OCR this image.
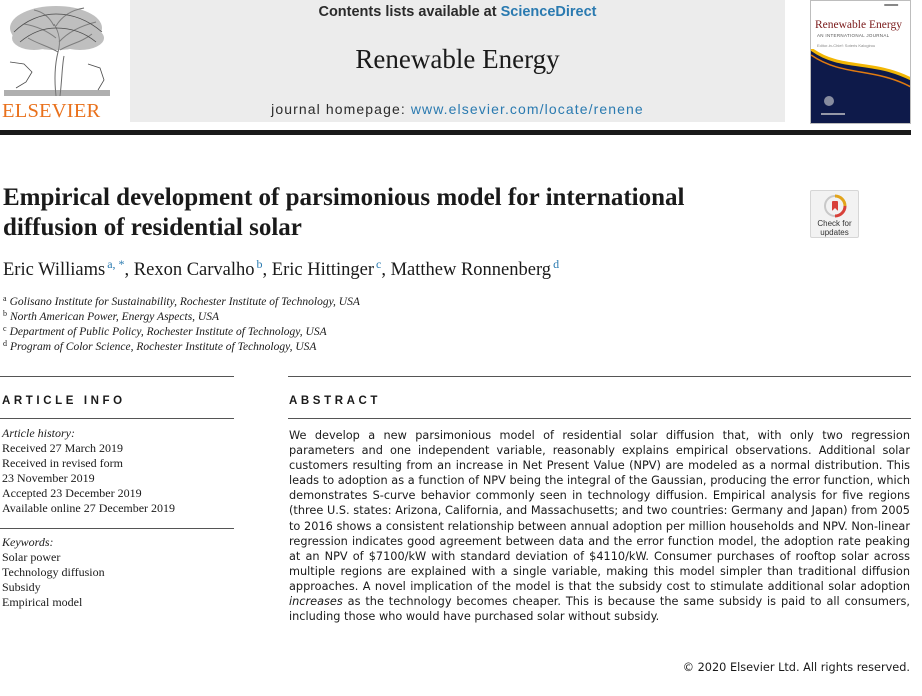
ELSEVIER
Contents lists available at ScienceDirect
Renewable Energy
journal homepage: www.elsevier.com/locate/renene
Renewable Energy
AN INTERNATIONAL JOURNAL
Editor-in-Chief: Soteris Kalogirou
Empirical development of parsimonious model for international
diffusion of residential solar	Check for
updates
Eric Williams $^{a, *}$, Rexon Carvalho $^b$, Eric Hittinger $^c$, Matthew Ronnenberg $^d$
$^a$ Golisano Institute for Sustainability, Rochester Institute of Technology, USA
$^b$ North American Power, Energy Aspects, USA
$^c$ Department of Public Policy, Rochester Institute of Technology, USA
$^d$ Program of Color Science, Rochester Institute of Technology, USA
ARTICLE INFO
Article history:
Received 27 March 2019
Received in revised form
23 November 2019
Accepted 23 December 2019
Available online 27 December 2019
Keywords:
Solar power
Technology diffusion
Subsidy
Empirical model
ABSTRACT

We develop a new parsimonious model of residential solar diffusion that, with only two regression parameters and one independent variable, reasonably explains empirical observations. Additional solar customers resulting from an increase in Net Present Value (NPV) are modeled as a normal distribution. This leads to adoption as a function of NPV being the integral of the Gaussian, producing the error function, which demonstrates S-curve behavior commonly seen in technology diffusion. Empirical analysis for five regions (three U.S. states: Arizona, California, and Massachusetts; and two countries: Germany and Japan) from 2005 to 2016 shows a consistent relationship between annual adoption per million households and NPV. Non-linear regression indicates good agreement between data and the error function model, the adoption rate peaking at an NPV of $7100/kW with standard deviation of $4110/kW. Consumer purchases of rooftop solar across multiple regions are explained with a single variable, making this model simpler than traditional diffusion approaches. A novel implication of the model is that the subsidy cost to stimulate additional solar adoption increases as the technology becomes cheaper. This is because the same subsidy is paid to all consumers, including those who would have purchased solar without subsidy.

© 2020 Elsevier Ltd. All rights reserved.
